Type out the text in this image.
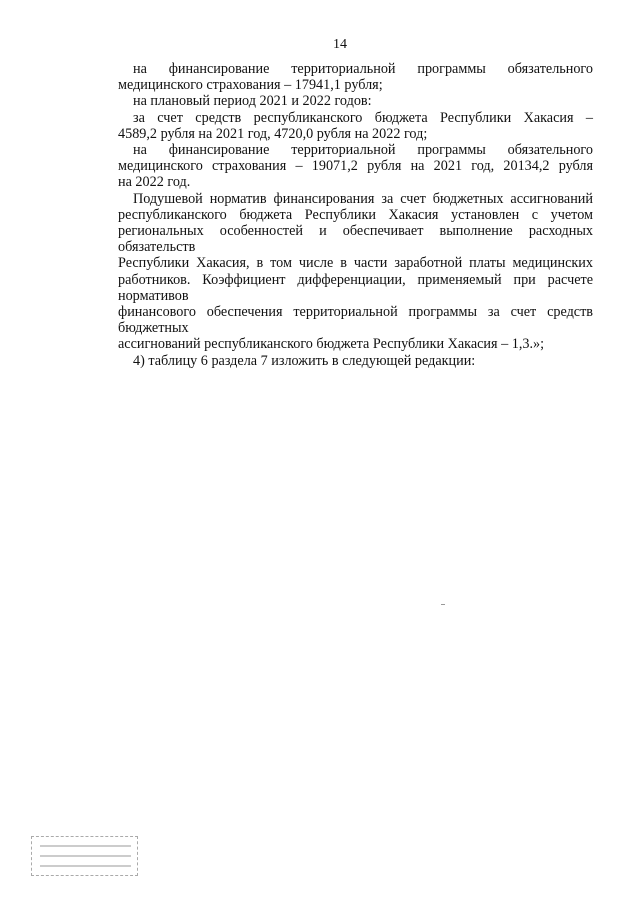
14
на финансирование территориальной программы обязательного
медицинского страхования – 17941,1 рубля;
на плановый период 2021 и 2022 годов:
за счет средств республиканского бюджета Республики Хакасия –
4589,2 рубля на 2021 год, 4720,0 рубля на 2022 год;
на финансирование территориальной программы обязательного
медицинского страхования – 19071,2 рубля на 2021 год, 20134,2 рубля
на 2022 год.
Подушевой норматив финансирования за счет бюджетных ассигнований
республиканского бюджета Республики Хакасия установлен с учетом
региональных особенностей и обеспечивает выполнение расходных обязательств
Республики Хакасия, в том числе в части заработной платы медицинских
работников. Коэффициент дифференциации, применяемый при расчете нормативов
финансового обеспечения территориальной программы за счет средств бюджетных
ассигнований республиканского бюджета Республики Хакасия – 1,3.»;
4) таблицу 6 раздела 7 изложить в следующей редакции:
